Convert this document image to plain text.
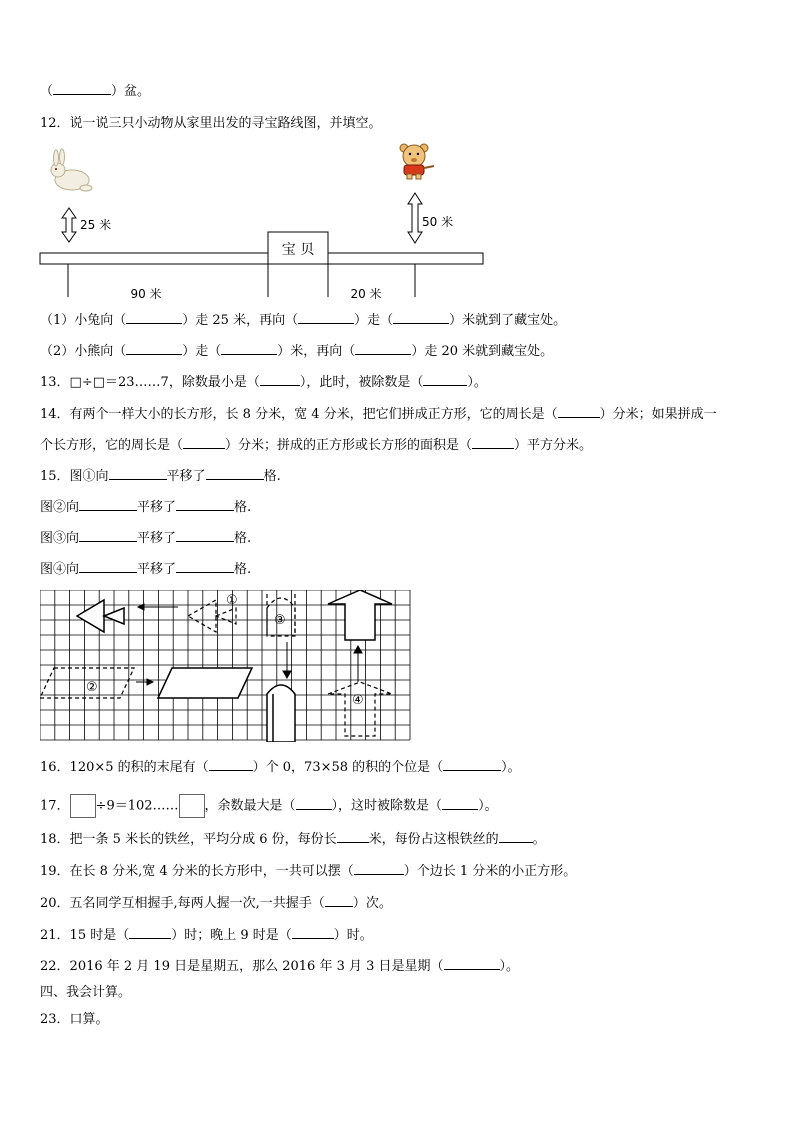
（	）盆。
12．说一说三只小动物从家里出发的寻宝路线图，并填空。
25 米	50 米
宝 贝
90 米	20 米
（1）小兔向（	）走 25 米，再向（	）走（	）米就到了藏宝处。
（2）小熊向（	）走（	）米，再向（	）走 20 米就到藏宝处。
13．□÷□＝23……7，除数最小是（	），此时，被除数是（	）。
14．有两个一样大小的长方形，长 8 分米，宽 4 分米，把它们拼成正方形，它的周长是（	）分米；如果拼成一
个长方形，它的周长是（	）分米；拼成的正方形或长方形的面积是（	）平方分米。
15．图①向	平移了	格.
图②向	平移了	格.
图③向	平移了	格.
图④向	平移了	格.
①
③
④
②
16．120×5 的积的末尾有（	）个 0，73×58 的积的个位是（	）。
17． ÷9＝102…… ，余数最大是（	），这时被除数是（	）。
18．把一条 5 米长的铁丝，平均分成 6 份，每份长 米，每份占这根铁丝的	。
19．在长 8 分米,宽 4 分米的长方形中，一共可以摆（	）个边长 1 分米的小正方形。
20．五名同学互相握手,每两人握一次,一共握手（ ）次。
21．15 时是（	）时；晚上 9 时是（	）时。
22．2016 年 2 月 19 日是星期五，那么 2016 年 3 月 3 日是星期（	）。
四、我会计算。
23．口算。
